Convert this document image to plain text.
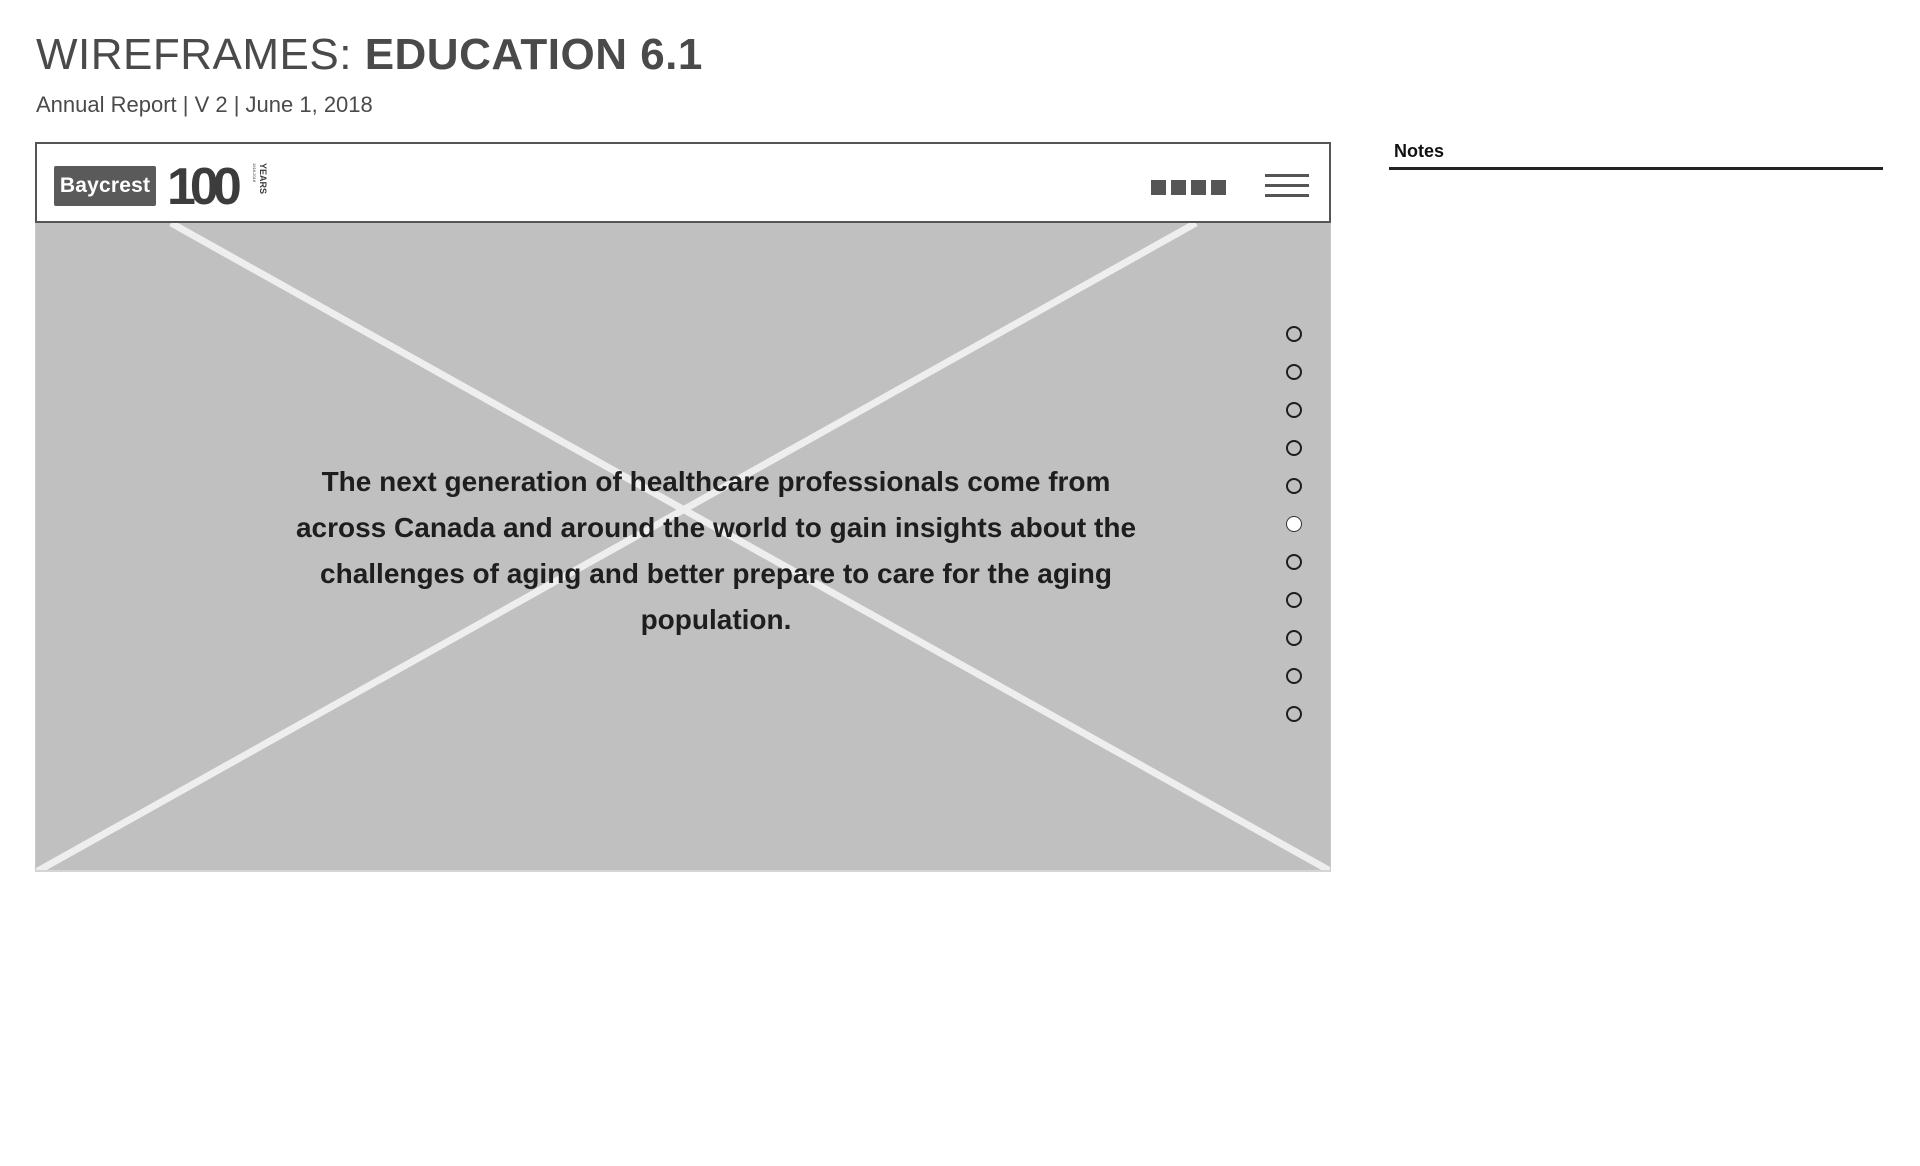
WIREFRAMES: EDUCATION 6.1
Annual Report | V 2 | June 1, 2018
Baycrest 100	YEARS
1918-2018
The next generation of healthcare professionals come from across Canada and around the world to gain insights about the challenges of aging and better prepare to care for the aging population.
Notes
